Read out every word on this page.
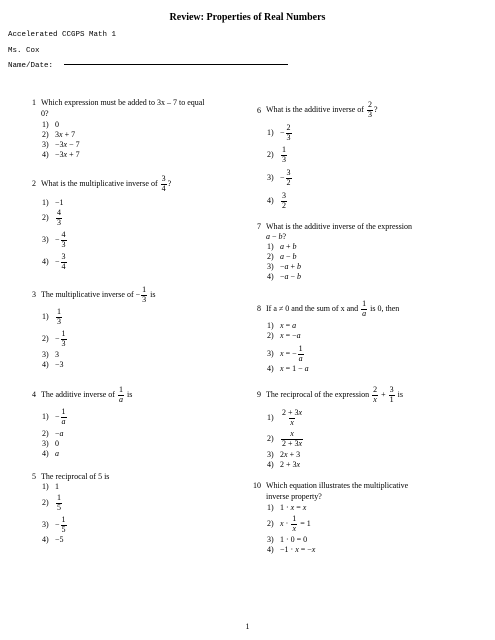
Review: Properties of Real Numbers
Accelerated CCGPS Math 1
Ms. Cox
Name/Date:
1 Which expression must be added to 3x – 7 to equal
0?
1) 0
2) 3x + 7
3) −3x − 7
4) −3x + 7
2 What is the multiplicative inverse of $\frac{3}{4}$ ?
1) −1
$2) \frac{4}{3}$
$3) - \frac{4}{3}$
$4) - \frac{3}{4}$
3 The multiplicative inverse of − $\frac{1}{3}$ is
$1) \frac{1}{3}$
$2) - \frac{1}{3}$
3) 3
4) −3
4 The additive inverse of $\frac{1}{a}$ is
$1) - \frac{1}{a}$
2) −a
3) 0
4) a
5 The reciprocal of 5 is
1) 1
$2) \frac{1}{5}$
$3) - \frac{1}{5}$
4) −5
6 What is the additive inverse of $\frac{2}{3}$ ?
$1) - \frac{2}{3}$
$2) \frac{1}{3}$
$3) - \frac{3}{2}$
$4) \frac{3}{2}$
7 What is the additive inverse of the expression
a − b?
1) a + b
2) a − b
3) −a + b
4) −a − b
8 If a ≠ 0 and the sum of x and $\frac{1}{a}$ is 0, then
1) x = a
2) x = −a
3) x = − $\frac{1}{a}$
4) x = 1 − a
9 The reciprocal of the expression $\frac{2}{x} + \frac{3}{1}$ is
$1) \frac{2 + 3x}{x}$
$2) \frac{x}{2 + 3x}$
3) 2x + 3
4) 2 + 3x
10 Which equation illustrates the multiplicative
inverse property?
1) 1 · x = x
2) $x \cdot \frac{1}{x} = 1$
3) 1 · 0 = 0
4) −1 · x = −x
1
